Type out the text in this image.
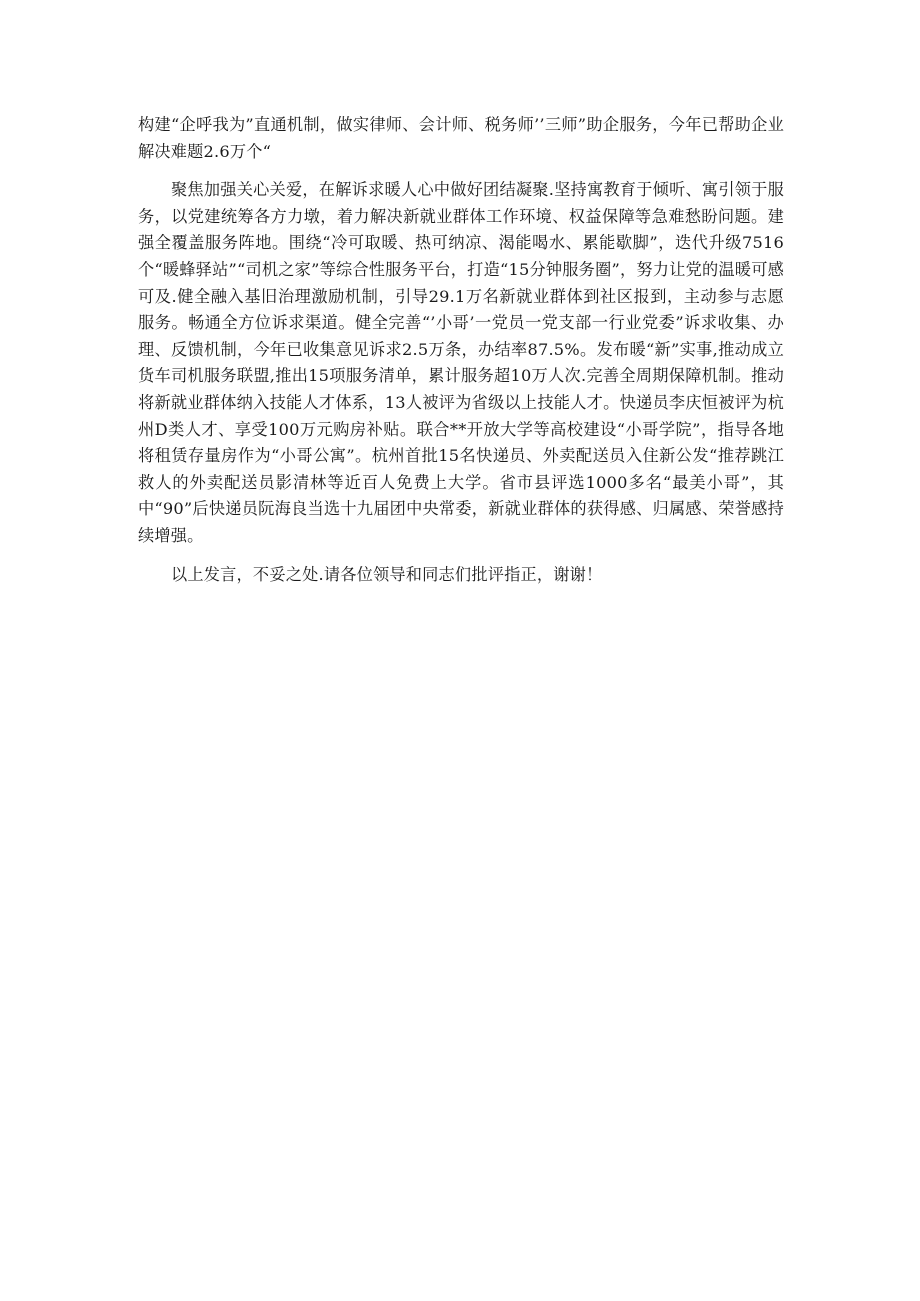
构建“企呼我为”直通机制，做实律师、会计师、税务师’’三师”助企服务，今年已帮助企业解决难题2.6万个“

聚焦加强关心关爱，在解诉求暖人心中做好团结凝聚.坚持寓教育于倾听、寓引领于服务，以党建统筹各方力墩，着力解决新就业群体工作环境、权益保障等急难愁盼问题。建强全覆盖服务阵地。围绕“冷可取暖、热可纳凉、渴能喝水、累能歇脚”，迭代升级7516个“暖蜂驿站”“司机之家”等综合性服务平台，打造“15分钟服务圈”，努力让党的温暖可感可及.健全融入基旧治理激励机制，引导29.1万名新就业群体到社区报到，主动参与志愿服务。畅通全方位诉求渠道。健全完善“’小哥’一党员一党支部一行业党委”诉求收集、办理、反馈机制，今年已收集意见诉求2.5万条，办结率87.5%。发布暖“新”实事,推动成立货车司机服务联盟,推出15项服务清单，累计服务超10万人次.完善全周期保障机制。推动将新就业群体纳入技能人才体系，13人被评为省级以上技能人才。快递员李庆恒被评为杭州D类人才、享受100万元购房补贴。联合**开放大学等高校建设“小哥学院”，指导各地将租赁存量房作为“小哥公寓”。杭州首批15名快递员、外卖配送员入住新公发“推荐跳江救人的外卖配送员影清林等近百人免费上大学。省市县评选1000多名“最美小哥”，其中“90”后快递员阮海良当选十九届团中央常委，新就业群体的获得感、归属感、荣誉感持续增强。

以上发言，不妥之处.请各位领导和同志们批评指正，谢谢！
